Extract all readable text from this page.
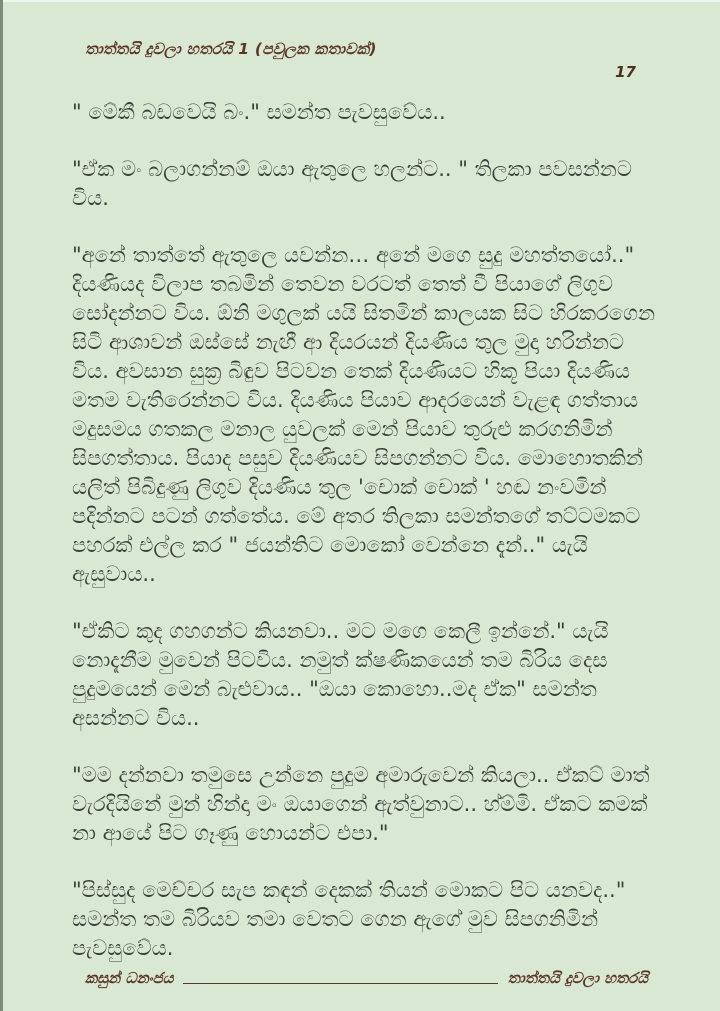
තාත්තයි දුවලා හතරයි 1 (පවුලක කතාවක්)
17

" මේකී බඩවෙයි බං." සමන්ත පැවසුවේය..

"ඒක මං බලාගන්නම් ඔයා ඇතුලෙ හලන්ට.. " තිලකා පවසන්නට විය.

"අනේ තාත්තේ ඇතුලෙ යවන්න… අනේ මගෙ සුදු මහත්තයෝ.." දියණියද විලාප තබමින් තෙවන වරටත් තෙත් වී පියාගේ ලිගුව සෝදන්නට විය. ඕනි මගුලක් යයි සිතමින් කාලයක සිට හිරකරගෙන සිටි ආශාවන් ඔස්සේ නැඟී ආ දියරයන් දියණිය තුල මුදා හරින්නට විය. අවසාන සුක්‍ර බිඳුව පිටවන තෙක් දියණියට හිකූ පියා දියණිය මතම වැතිරෙන්නට විය. දියණිය පියාව ආදරයෙන් වැළඳ ගත්තාය මදුසමය ගතකල මනාල යුවලක් මෙන් පියාව තුරුළු කරගනිමින් සිපගත්තාය. පියාද පසුව දියණියව සිපගන්නට විය. මොහොතකින් යලිත් පිබිදුණු ලිගුව දියණිය තුල 'චොක් චොක් ' හඬ නංවමින් පදින්නට පටන් ගත්තේය. මේ අතර තිලකා සමන්තගේ තට්ටමකට පහරක් එල්ල කර " ජයන්තිට මොකෝ වෙන්නෙ දැන්.." යැයි ඇසුවාය..

"ඒකිට කුද ගහගන්ට කියනවා.. මට මගෙ කෙලී ඉන්නේ." යැයි නොදැනීම මුවෙන් පිටවිය. නමුත් ක්ෂණිකයෙන් තම බිරිය දෙස පුදුමයෙන් මෙන් බැළුවාය.. "ඔයා කොහො..මද ඒක" සමන්ත අසන්නට විය..

"මම දන්නවා තමුසෙ උන්නෙ පුදුම අමාරුවෙන් කියලා.. ඒකට් මාත් වැරදියිනේ මුන් හින්දා මං ඔයාගෙන් ඇත්වුනාට.. හ්ම්මි. ඒකට කමක් නා ආයේ පිට ගෑණු හොයන්ට එපා."

"පිස්සුද මෙච්චර සැප කඳන් දෙකක් තියන් මොකට පිට යනවද.." සමන්ත තම බිරියව තමා වෙතට ගෙන ඇගේ මුව සිපගනිමින් පැවසුවේය.

කසුන් ධනංජය	තාත්තයි දුවලා හතරයි
